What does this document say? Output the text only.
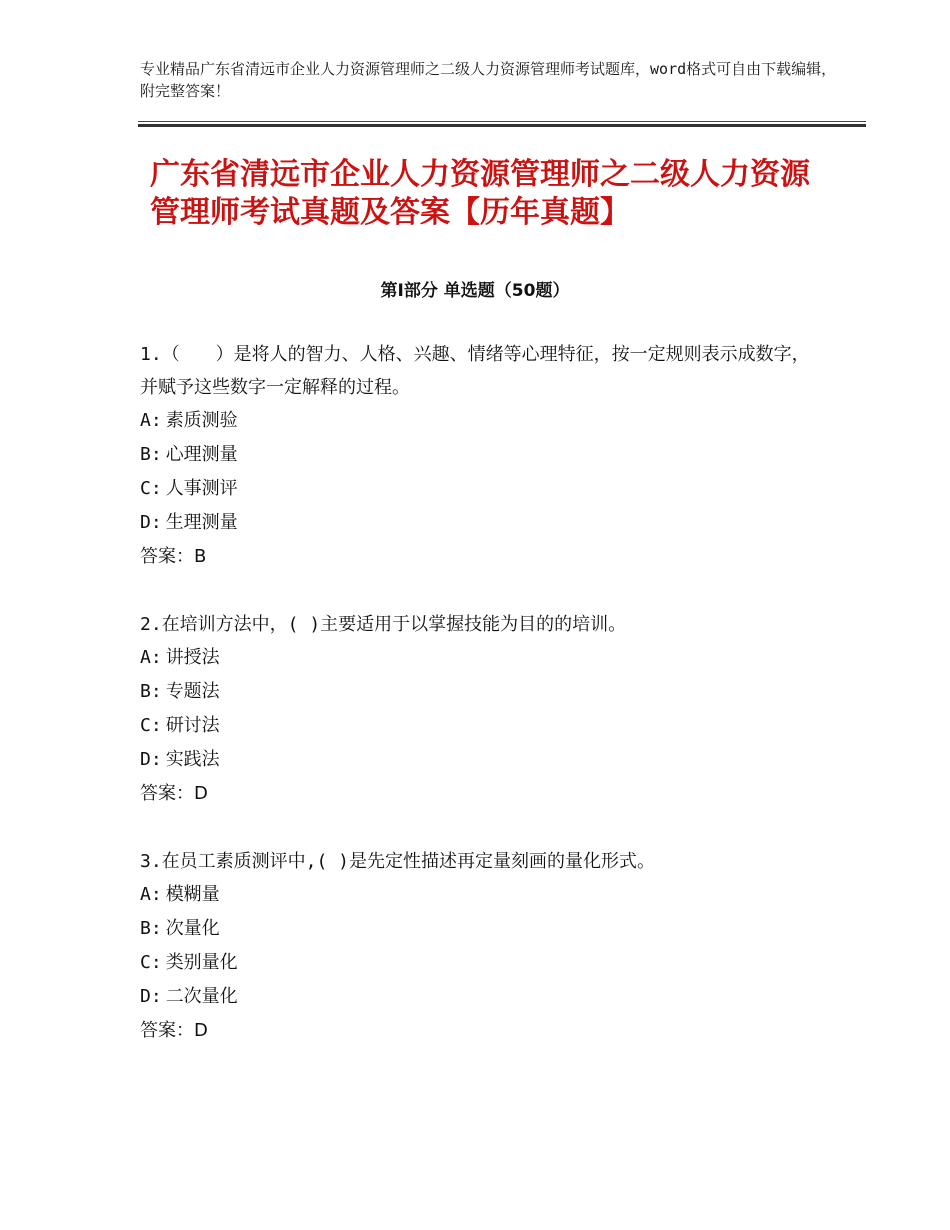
专业精品广东省清远市企业人力资源管理师之二级人力资源管理师考试题库，word格式可自由下载编辑，附完整答案！
广东省清远市企业人力资源管理师之二级人力资源管理师考试真题及答案【历年真题】
第Ⅰ部分 单选题（50题）

1.（　　）是将人的智力、人格、兴趣、情绪等心理特征，按一定规则表示成数字，并赋予这些数字一定解释的过程。

A: 素质测验
B: 心理测量
C: 人事测评
D: 生理测量
答案：B

2.在培训方法中，( )主要适用于以掌握技能为目的的培训。

A: 讲授法
B: 专题法
C: 研讨法
D: 实践法
答案：D

3.在员工素质测评中,( )是先定性描述再定量刻画的量化形式。

A: 模糊量
B: 次量化
C: 类别量化
D: 二次量化
答案：D
